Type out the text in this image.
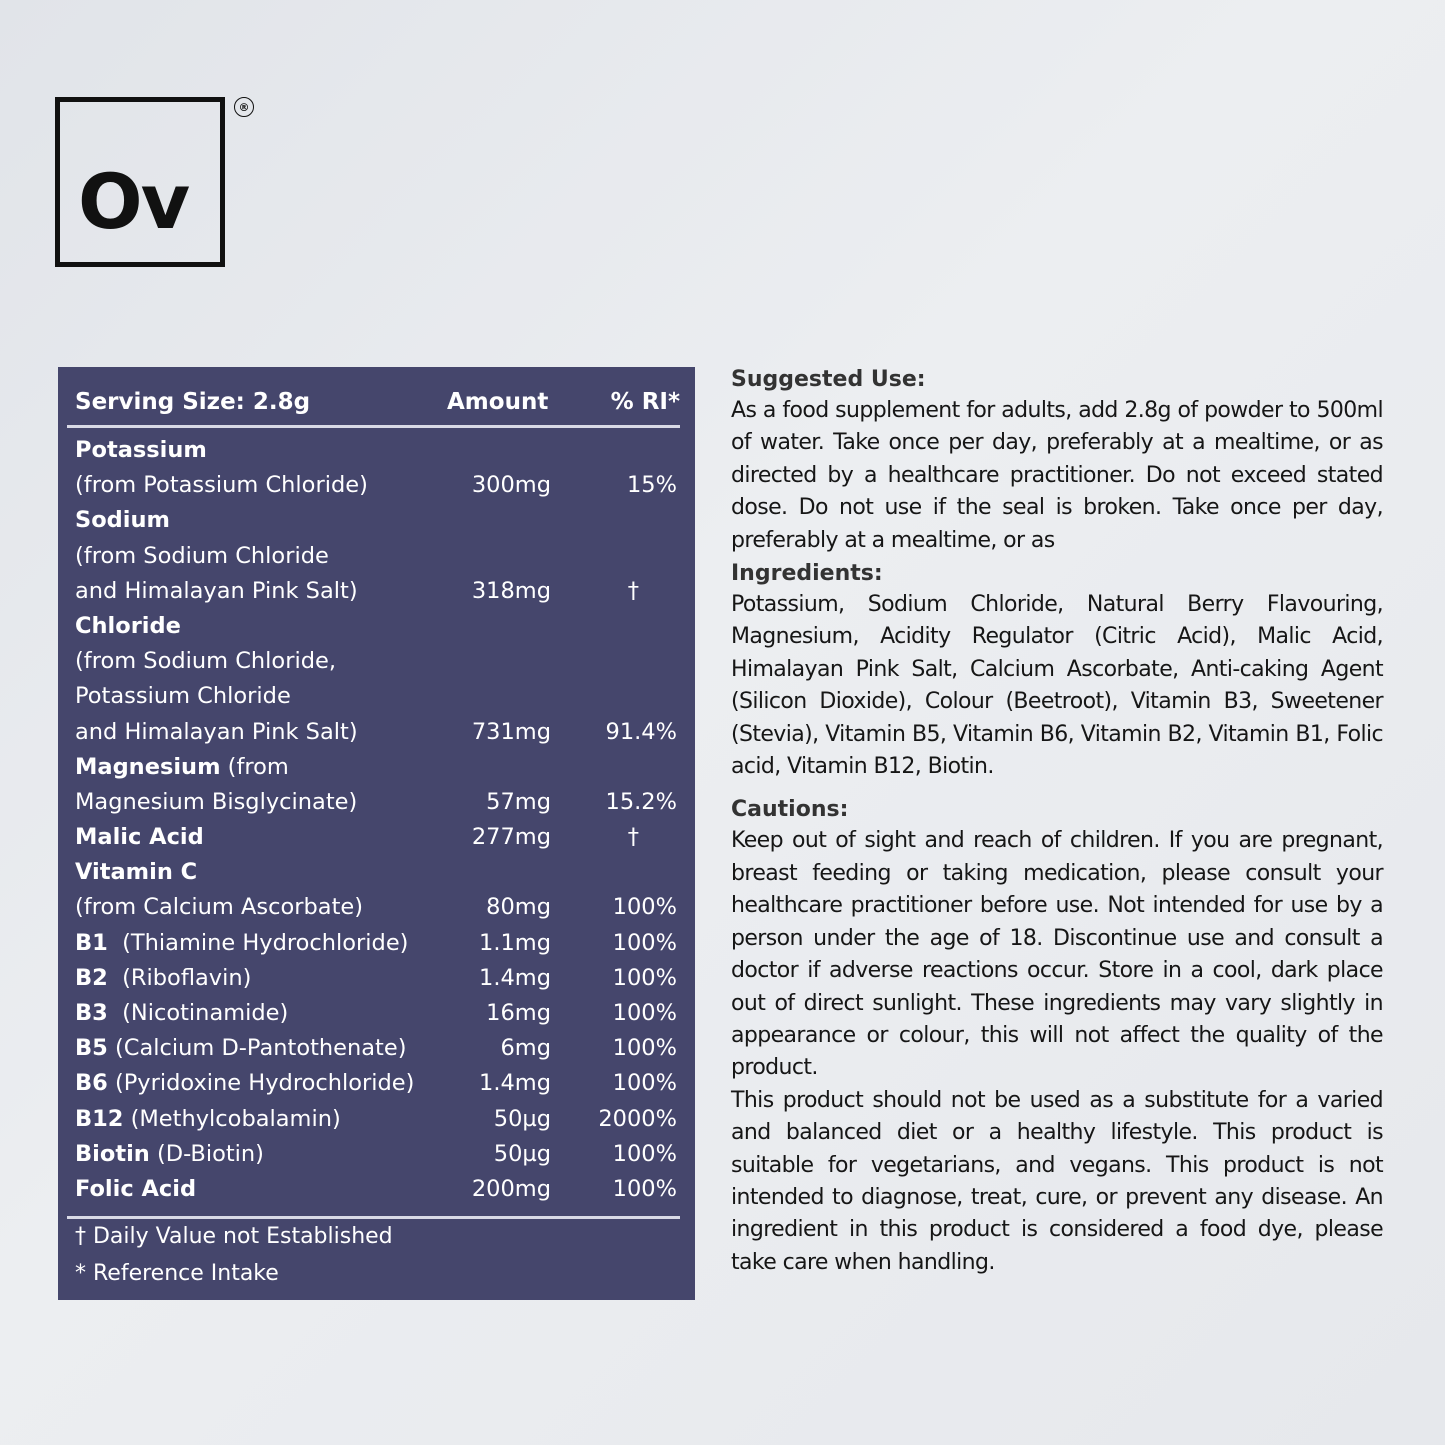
Ov
®
Serving Size: 2.8g	Amount	% RI*
Potassium
(from Potassium Chloride)	300mg	15%
Sodium
(from Sodium Chloride
and Himalayan Pink Salt)	318mg	†
Chloride
(from Sodium Chloride,
Potassium Chloride
and Himalayan Pink Salt)	731mg 91.4%
Magnesium (from
Magnesium Bisglycinate)	57mg 15.2%
Malic Acid	277mg	†
Vitamin C
(from Calcium Ascorbate)	80mg	100%
B1  (Thiamine Hydrochloride)	1.1mg	100%
B2  (Riboflavin)	1.4mg	100%
B3  (Nicotinamide)	16mg	100%
B5 (Calcium D-Pantothenate)	6mg	100%
B6 (Pyridoxine Hydrochloride)	1.4mg	100%
B12 (Methylcobalamin)	50µg 2000%
Biotin (D-Biotin)	50µg	100%
Folic Acid	200mg	100%
† Daily Value not Established
* Reference Intake
Suggested Use:
As a food supplement for adults, add 2.8g of powder to 500ml of water. Take once per day, preferably at a mealtime, or as directed by a healthcare practitioner. Do not exceed stated dose. Do not use if the seal is broken. Take once per day, preferably at a mealtime, or as
Ingredients:
Potassium, Sodium Chloride, Natural Berry Flavouring, Magnesium, Acidity Regulator (Citric Acid), Malic Acid, Himalayan Pink Salt, Calcium Ascorbate, Anti-caking Agent (Silicon Dioxide), Colour (Beetroot), Vitamin B3, Sweetener (Stevia), Vitamin B5, Vitamin B6, Vitamin B2, Vitamin B1, Folic acid, Vitamin B12, Biotin.
Cautions:
Keep out of sight and reach of children. If you are pregnant, breast feeding or taking medication, please consult your healthcare practitioner before use. Not intended for use by a person under the age of 18. Discontinue use and consult a doctor if adverse reactions occur. Store in a cool, dark place out of direct sunlight. These ingredients may vary slightly in appearance or colour, this will not affect the quality of the product.
This product should not be used as a substitute for a varied and balanced diet or a healthy lifestyle. This product is suitable for vegetarians, and vegans. This product is not intended to diagnose, treat, cure, or prevent any disease. An ingredient in this product is considered a food dye, please take care when handling.
